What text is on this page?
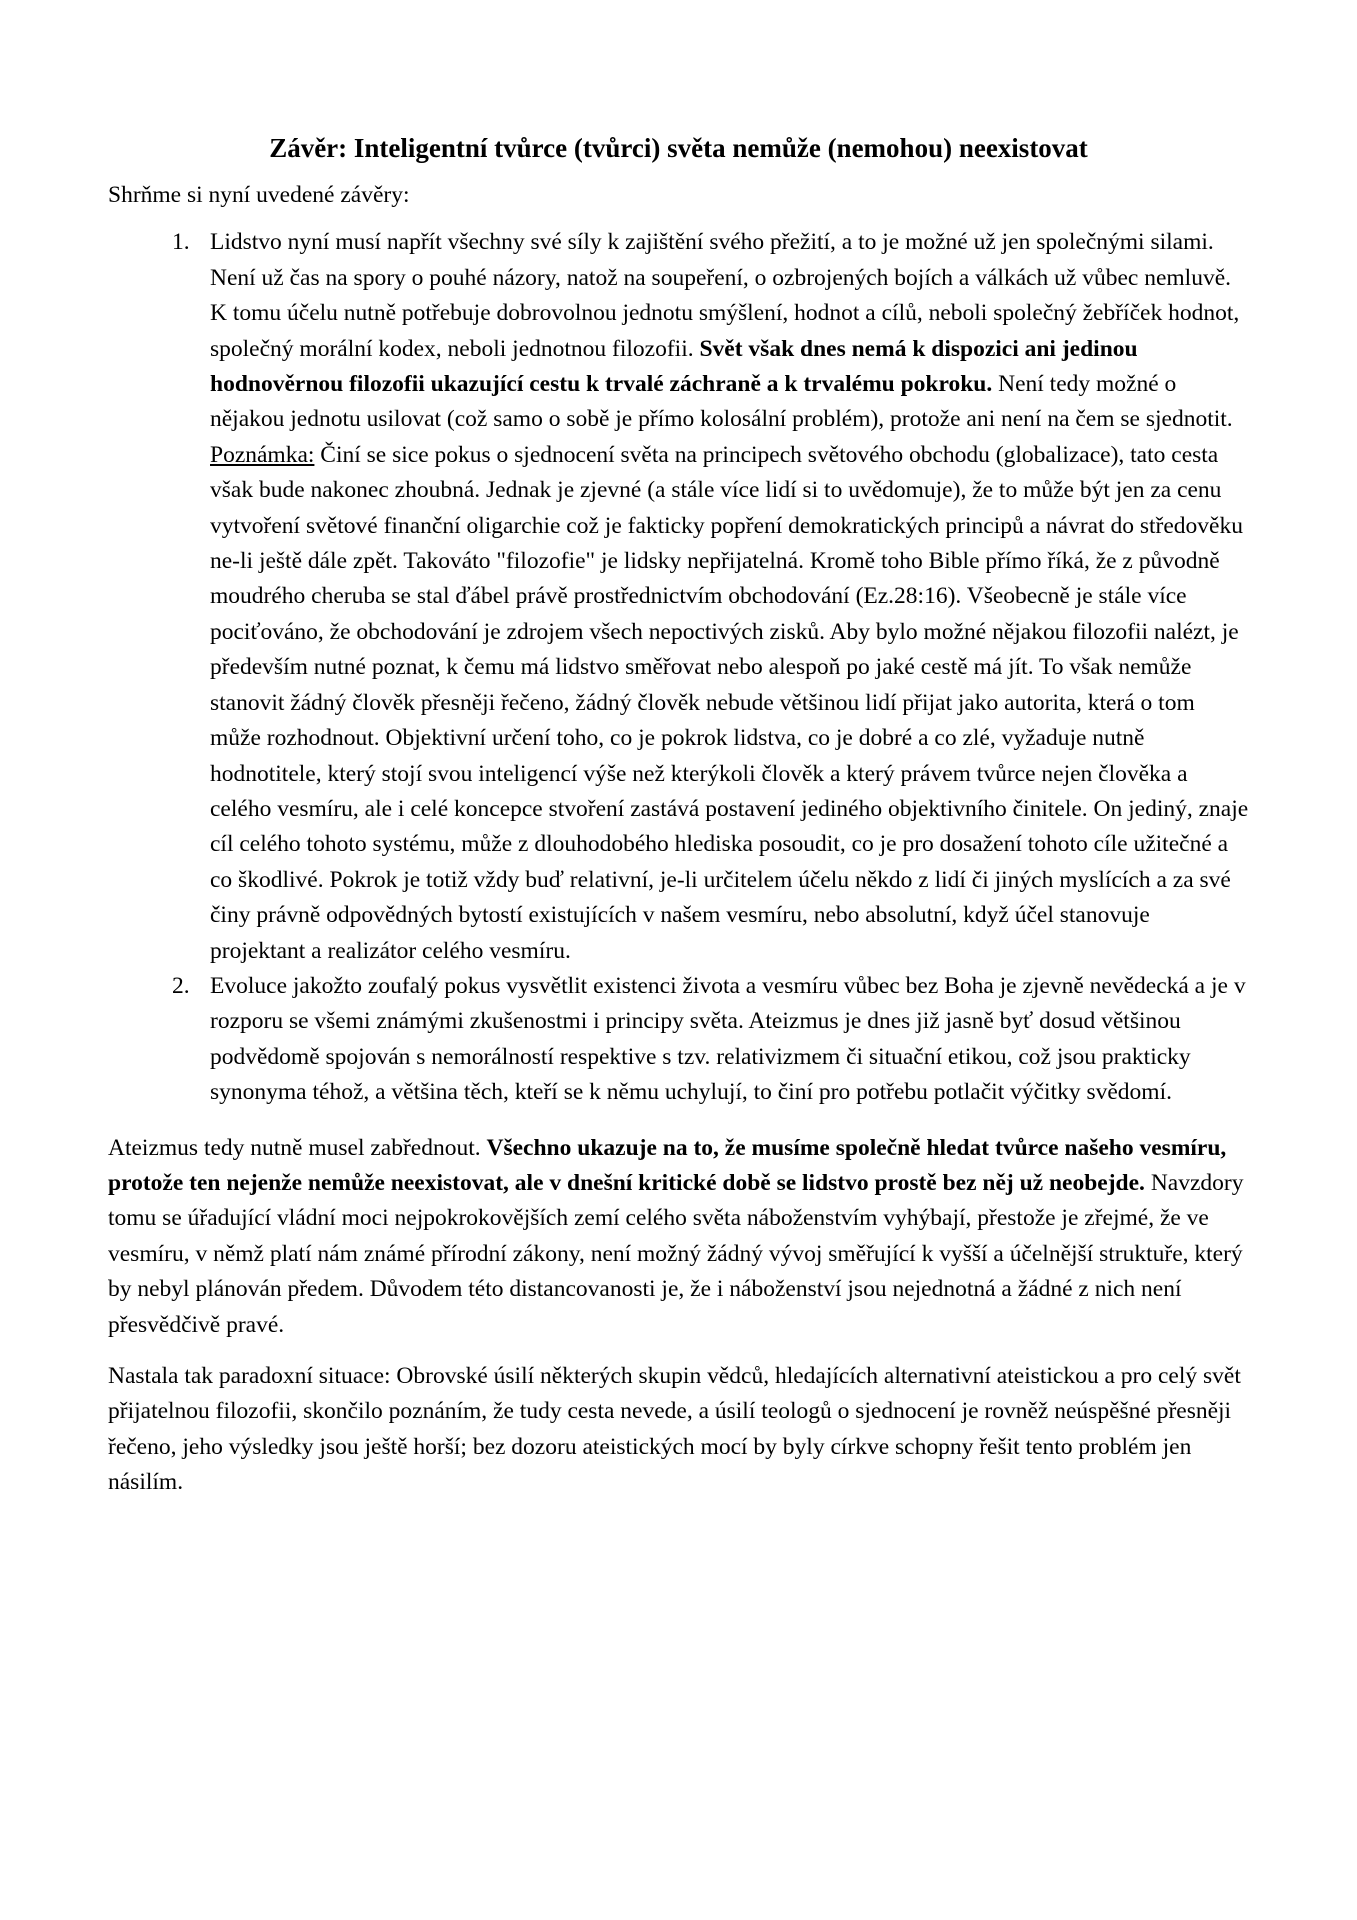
Závěr: Inteligentní tvůrce (tvůrci) světa nemůže (nemohou) neexistovat

Shrňme si nyní uvedené závěry:

1. Lidstvo nyní musí napřít všechny své síly k zajištění svého přežití, a to je možné už jen společnými silami. Není už čas na spory o pouhé názory, natož na soupeření, o ozbrojených bojích a válkách už vůbec nemluvě. K tomu účelu nutně potřebuje dobrovolnou jednotu smýšlení, hodnot a cílů, neboli společný žebříček hodnot, společný morální kodex, neboli jednotnou filozofii. Svět však dnes nemá k dispozici ani jedinou hodnověrnou filozofii ukazující cestu k trvalé záchraně a k trvalému pokroku. Není tedy možné o nějakou jednotu usilovat (což samo o sobě je přímo kolosální problém), protože ani není na čem se sjednotit.
Poznámka: Činí se sice pokus o sjednocení světa na principech světového obchodu (globalizace), tato cesta však bude nakonec zhoubná. Jednak je zjevné (a stále více lidí si to uvědomuje), že to může být jen za cenu vytvoření světové finanční oligarchie což je fakticky popření demokratických principů a návrat do středověku ne-li ještě dále zpět. Takováto "filozofie" je lidsky nepřijatelná. Kromě toho Bible přímo říká, že z původně moudrého cheruba se stal ďábel právě prostřednictvím obchodování (Ez.28:16). Všeobecně je stále více pociťováno, že obchodování je zdrojem všech nepoctivých zisků. Aby bylo možné nějakou filozofii nalézt, je především nutné poznat, k čemu má lidstvo směřovat nebo alespoň po jaké cestě má jít. To však nemůže stanovit žádný člověk přesněji řečeno, žádný člověk nebude většinou lidí přijat jako autorita, která o tom může rozhodnout. Objektivní určení toho, co je pokrok lidstva, co je dobré a co zlé, vyžaduje nutně hodnotitele, který stojí svou inteligencí výše než kterýkoli člověk a který právem tvůrce nejen člověka a celého vesmíru, ale i celé koncepce stvoření zastává postavení jediného objektivního činitele. On jediný, znaje cíl celého tohoto systému, může z dlouhodobého hlediska posoudit, co je pro dosažení tohoto cíle užitečné a co škodlivé. Pokrok je totiž vždy buď relativní, je-li určitelem účelu někdo z lidí či jiných myslících a za své činy právně odpovědných bytostí existujících v našem vesmíru, nebo absolutní, když účel stanovuje projektant a realizátor celého vesmíru.
2. Evoluce jakožto zoufalý pokus vysvětlit existenci života a vesmíru vůbec bez Boha je zjevně nevědecká a je v rozporu se všemi známými zkušenostmi i principy světa. Ateizmus je dnes již jasně byť dosud většinou podvědomě spojován s nemorálností respektive s tzv. relativizmem či situační etikou, což jsou prakticky synonyma téhož, a většina těch, kteří se k němu uchylují, to činí pro potřebu potlačit výčitky svědomí.

Ateizmus tedy nutně musel zabřednout. Všechno ukazuje na to, že musíme společně hledat tvůrce našeho vesmíru, protože ten nejenže nemůže neexistovat, ale v dnešní kritické době se lidstvo prostě bez něj už neobejde. Navzdory tomu se úřadující vládní moci nejpokrokovějších zemí celého světa náboženstvím vyhýbají, přestože je zřejmé, že ve vesmíru, v němž platí nám známé přírodní zákony, není možný žádný vývoj směřující k vyšší a účelnější struktuře, který by nebyl plánován předem. Důvodem této distancovanosti je, že i náboženství jsou nejednotná a žádné z nich není přesvědčivě pravé.

Nastala tak paradoxní situace: Obrovské úsilí některých skupin vědců, hledajících alternativní ateistickou a pro celý svět přijatelnou filozofii, skončilo poznáním, že tudy cesta nevede, a úsilí teologů o sjednocení je rovněž neúspěšné přesněji řečeno, jeho výsledky jsou ještě horší; bez dozoru ateistických mocí by byly církve schopny řešit tento problém jen násilím.
